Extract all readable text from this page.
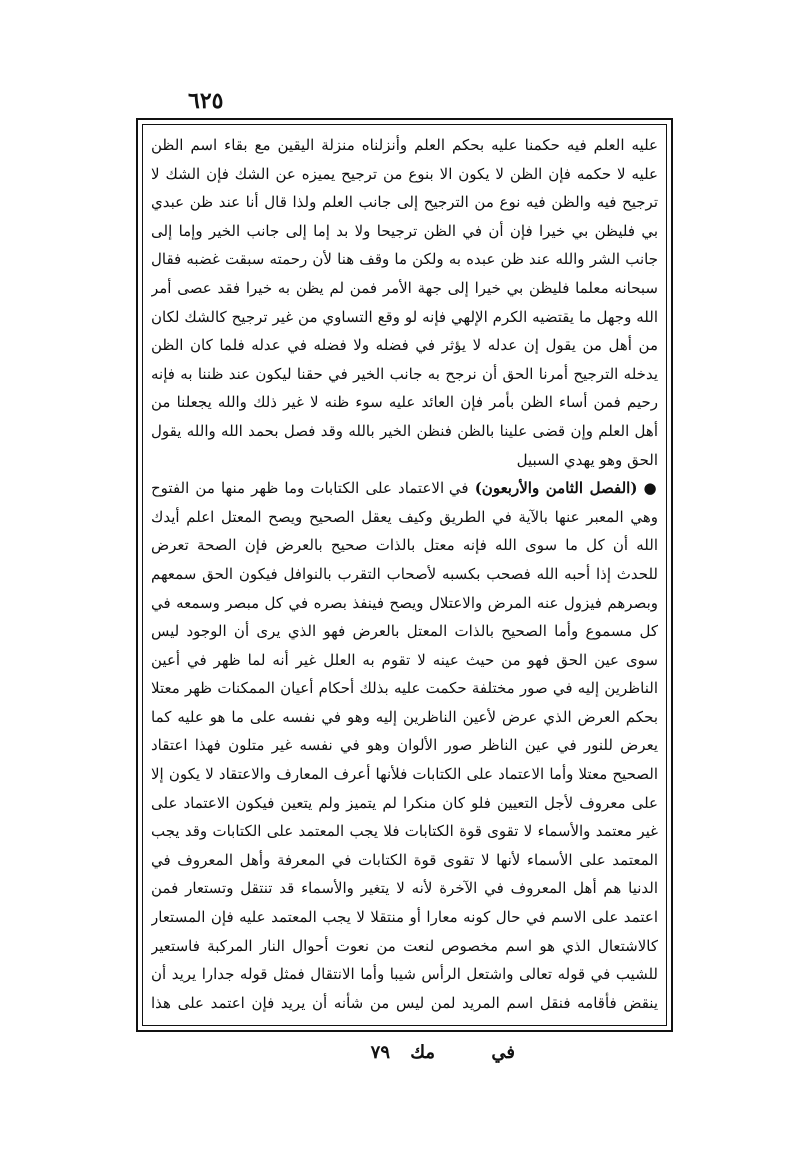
٦٢٥

عليه العلم فيه حكمنا عليه بحكم العلم وأنزلناه منزلة اليقين مع بقاء اسم الظن عليه لا حكمه فإن الظن لا يكون الا بنوع من ترجيح يميزه عن الشك فإن الشك لا ترجيح فيه والظن فيه نوع من الترجيح إلى جانب العلم ولذا قال أنا عند ظن عبدي بي فليظن بي خيرا فإن أن في الظن ترجيحا ولا بد إما إلى جانب الخير وإما إلى جانب الشر والله عند ظن عبده به ولكن ما وقف هنا لأن رحمته سبقت غضبه فقال سبحانه معلما فليظن بي خيرا إلى جهة الأمر فمن لم يظن به خيرا فقد عصى أمر الله وجهل ما يقتضيه الكرم الإلهي فإنه لو وقع التساوي من غير ترجيح كالشك لكان من أهل من يقول إن عدله لا يؤثر في فضله ولا فضله في عدله فلما كان الظن يدخله الترجيح أمرنا الحق أن نرجح به جانب الخير في حقنا ليكون عند ظننا به فإنه رحيم فمن أساء الظن بأمر فإن العائد عليه سوء ظنه لا غير ذلك والله يجعلنا من أهل العلم وإن قضى علينا بالظن فنظن الخير بالله وقد فصل بحمد الله والله يقول الحق وهو يهدي السبيل

● (الفصل الثامن والأربعون) في الاعتماد على الكتابات وما ظهر منها من الفتوح وهي المعبر عنها بالآية في الطريق وكيف يعقل الصحيح ويصح المعتل اعلم أيدك الله أن كل ما سوى الله فإنه معتل بالذات صحيح بالعرض فإن الصحة تعرض للحدث إذا أحبه الله فصحب بكسبه لأصحاب التقرب بالنوافل فيكون الحق سمعهم وبصرهم فيزول عنه المرض والاعتلال ويصح فينفذ بصره في كل مبصر وسمعه في كل مسموع وأما الصحيح بالذات المعتل بالعرض فهو الذي يرى أن الوجود ليس سوى عين الحق فهو من حيث عينه لا تقوم به العلل غير أنه لما ظهر في أعين الناظرين إليه في صور مختلفة حكمت عليه بذلك أحكام أعيان الممكنات ظهر معتلا بحكم العرض الذي عرض لأعين الناظرين إليه وهو في نفسه على ما هو عليه كما يعرض للنور في عين الناظر صور الألوان وهو في نفسه غير متلون فهذا اعتقاد الصحيح معتلا وأما الاعتماد على الكتابات فلأنها أعرف المعارف والاعتقاد لا يكون إلا على معروف لأجل التعيين فلو كان منكرا لم يتميز ولم يتعين فيكون الاعتماد على غير معتمد والأسماء لا تقوى قوة الكتابات فلا يجب المعتمد على الكتابات وقد يجب المعتمد على الأسماء لأنها لا تقوى قوة الكتابات في المعرفة وأهل المعروف في الدنيا هم أهل المعروف في الآخرة لأنه لا يتغير والأسماء قد تنتقل وتستعار فمن اعتمد على الاسم في حال كونه معارا أو منتقلا لا يجب المعتمد عليه فإن المستعار كالاشتعال الذي هو اسم مخصوص لنعت من نعوت أحوال النار المركبة فاستعير للشيب في قوله تعالى واشتعل الرأس شيبا وأما الانتقال فمثل قوله جدارا يريد أن ينقض فأقامه فنقل اسم المريد لمن ليس من شأنه أن يريد فإن اعتمد على هذا

٧٩ مك	في
